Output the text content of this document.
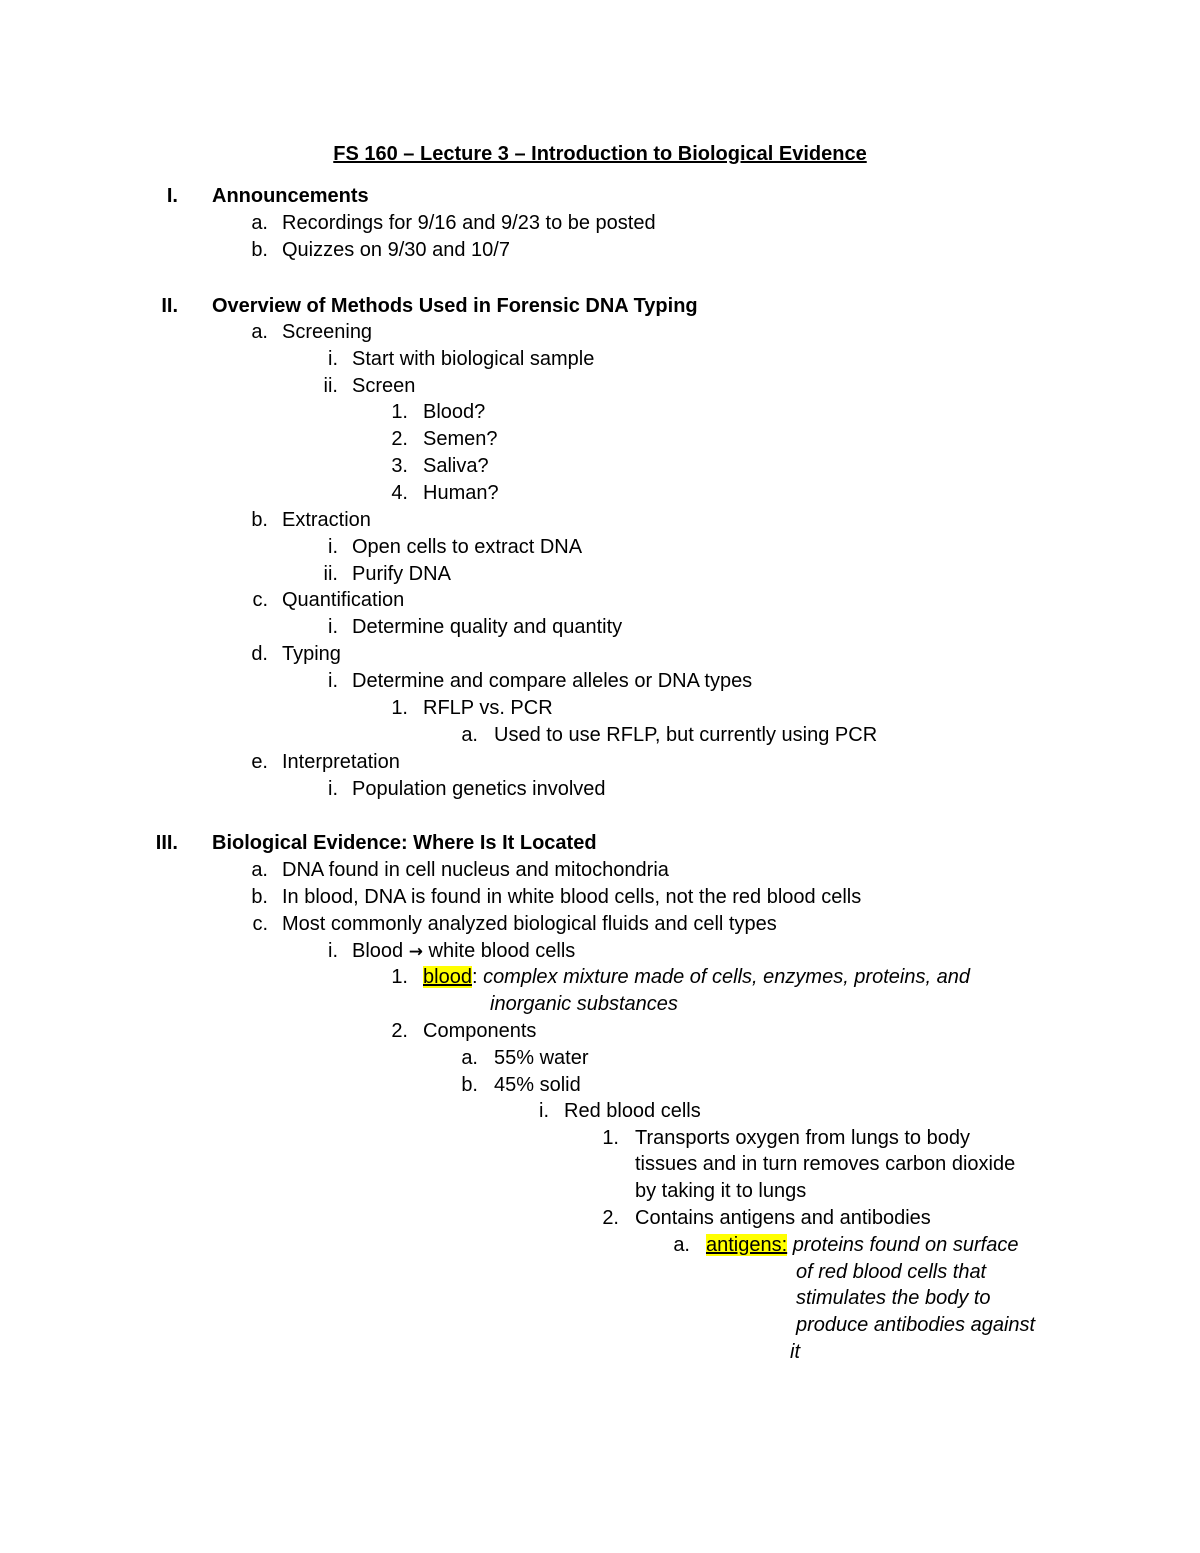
FS 160 – Lecture 3 – Introduction to Biological Evidence
I. Announcements
a. Recordings for 9/16 and 9/23 to be posted
b. Quizzes on 9/30 and 10/7
II. Overview of Methods Used in Forensic DNA Typing
a. Screening
i. Start with biological sample
ii. Screen
1. Blood?
2. Semen?
3. Saliva?
4. Human?
b. Extraction
i. Open cells to extract DNA
ii. Purify DNA
c. Quantification
i. Determine quality and quantity
d. Typing
i. Determine and compare alleles or DNA types
1. RFLP vs. PCR
a. Used to use RFLP, but currently using PCR
e. Interpretation
i. Population genetics involved
III. Biological Evidence: Where Is It Located
a. DNA found in cell nucleus and mitochondria
b. In blood, DNA is found in white blood cells, not the red blood cells
c. Most commonly analyzed biological fluids and cell types
i. Blood → white blood cells
1. blood: complex mixture made of cells, enzymes, proteins, and
inorganic substances
2. Components
a. 55% water
b. 45% solid
i. Red blood cells
1. Transports oxygen from lungs to body
tissues and in turn removes carbon dioxide
by taking it to lungs
2. Contains antigens and antibodies
a. antigens: proteins found on surface
of red blood cells that
stimulates the body to
produce antibodies against
it
